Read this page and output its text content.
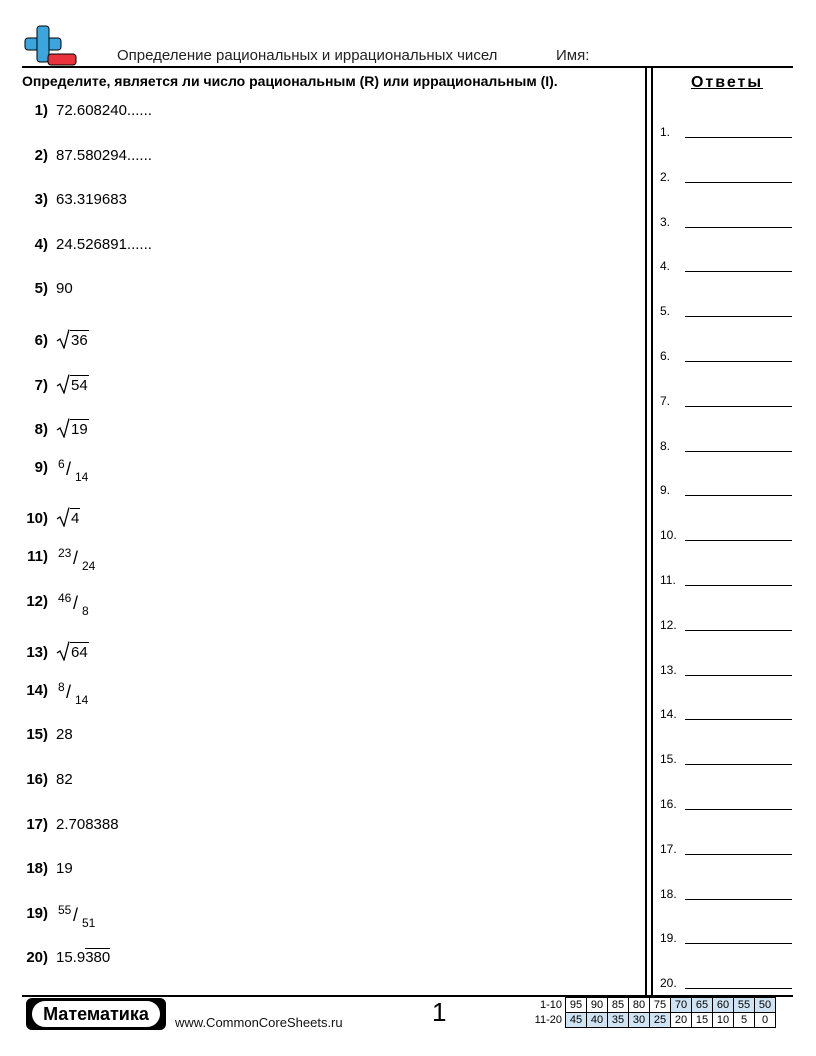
Определение рациональных и иррациональных чисел	Имя:
Определите, является ли число рациональным (R) или иррациональным (I).	Ответы
1) 72.608240......
2) 87.580294......
3) 63.319683
4) 24.526891......
5) 90
6) 36
7) 54
8) 19
9) 6 / 14
10) 4
11) 23 / 24
12) 46 / 8
13) 64
14) 8 / 14
15) 28
16) 82
17) 2.708388
18) 19
19) 55 / 51
20) 15.9380
1.
2.
3.
4.
5.
6.
7.
8.
9.
10.
11.
12.
13.
14.
15.
16.
17.
18.
19.
20.
Математика	www.CommonCoreSheets.ru	1	1-10	95	90	85	80	75	70	65	60	55	50
11-20	45	40	35	30	25	20	15	10	5	0
